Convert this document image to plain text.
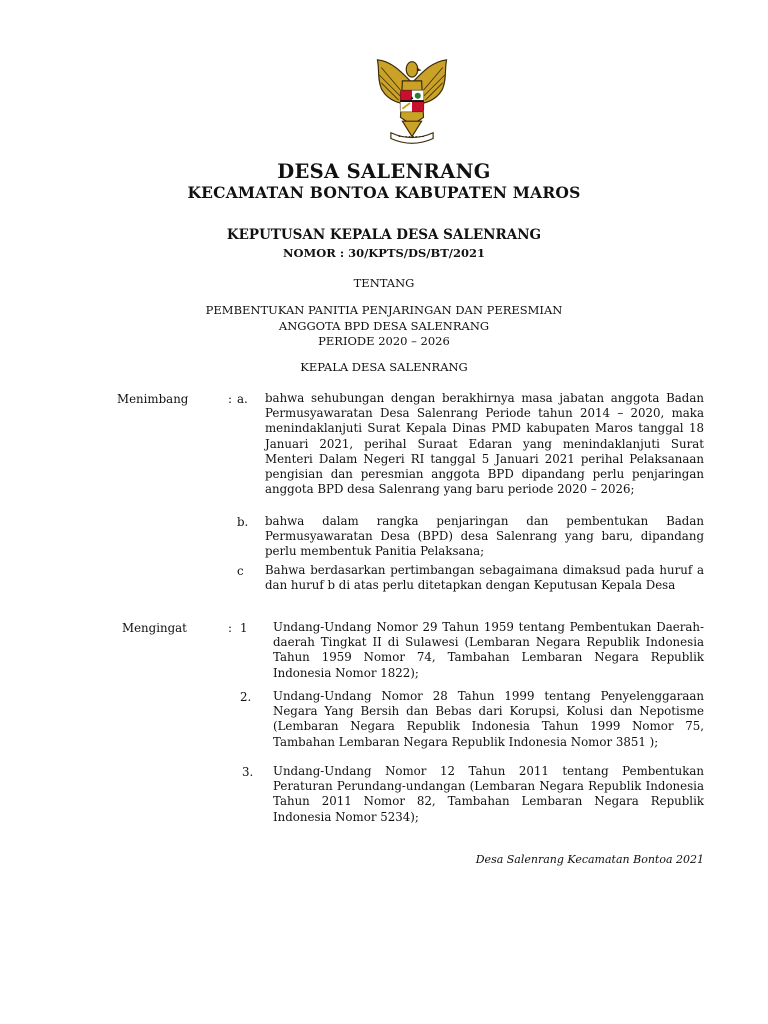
DESA SALENRANG
KECAMATAN BONTOA KABUPATEN MAROS
KEPUTUSAN KEPALA DESA SALENRANG
NOMOR : 30/KPTS/DS/BT/2021
TENTANG
PEMBENTUKAN PANITIA PENJARINGAN DAN PERESMIAN
ANGGOTA BPD DESA SALENRANG
PERIODE 2020 – 2026
KEPALA DESA SALENRANG
Menimbang	: a. bahwa sehubungan dengan berakhirnya masa jabatan anggota Badan Permusyawaratan Desa Salenrang Periode tahun 2014 – 2020, maka menindaklanjuti Surat Kepala Dinas PMD kabupaten Maros tanggal 18 Januari 2021, perihal Suraat Edaran yang menindaklanjuti Surat Menteri Dalam Negeri RI tanggal 5 Januari 2021 perihal Pelaksanaan pengisian dan peresmian anggota BPD dipandang perlu penjaringan anggota BPD desa Salenrang yang baru periode 2020 – 2026;

b. bahwa dalam rangka penjaringan dan pembentukan Badan Permusyawaratan Desa (BPD) desa Salenrang yang baru, dipandang perlu membentuk Panitia Pelaksana;

c Bahwa berdasarkan pertimbangan sebagaimana dimaksud pada huruf a dan huruf b di atas perlu ditetapkan dengan Keputusan Kepala Desa

Mengingat	: 1 Undang-Undang Nomor 29 Tahun 1959 tentang Pembentukan Daerah-daerah Tingkat II di Sulawesi (Lembaran Negara Republik Indonesia Tahun 1959 Nomor 74, Tambahan Lembaran Negara Republik Indonesia Nomor 1822);

2. Undang-Undang Nomor 28 Tahun 1999 tentang Penyelenggaraan Negara Yang Bersih dan Bebas dari Korupsi, Kolusi dan Nepotisme (Lembaran Negara Republik Indonesia Tahun 1999 Nomor 75, Tambahan Lembaran Negara Republik Indonesia Nomor 3851 );

3. Undang-Undang Nomor 12 Tahun 2011 tentang Pembentukan Peraturan Perundang-undangan (Lembaran Negara Republik Indonesia Tahun 2011 Nomor 82, Tambahan Lembaran Negara Republik Indonesia Nomor 5234);

Desa Salenrang Kecamatan Bontoa 2021
